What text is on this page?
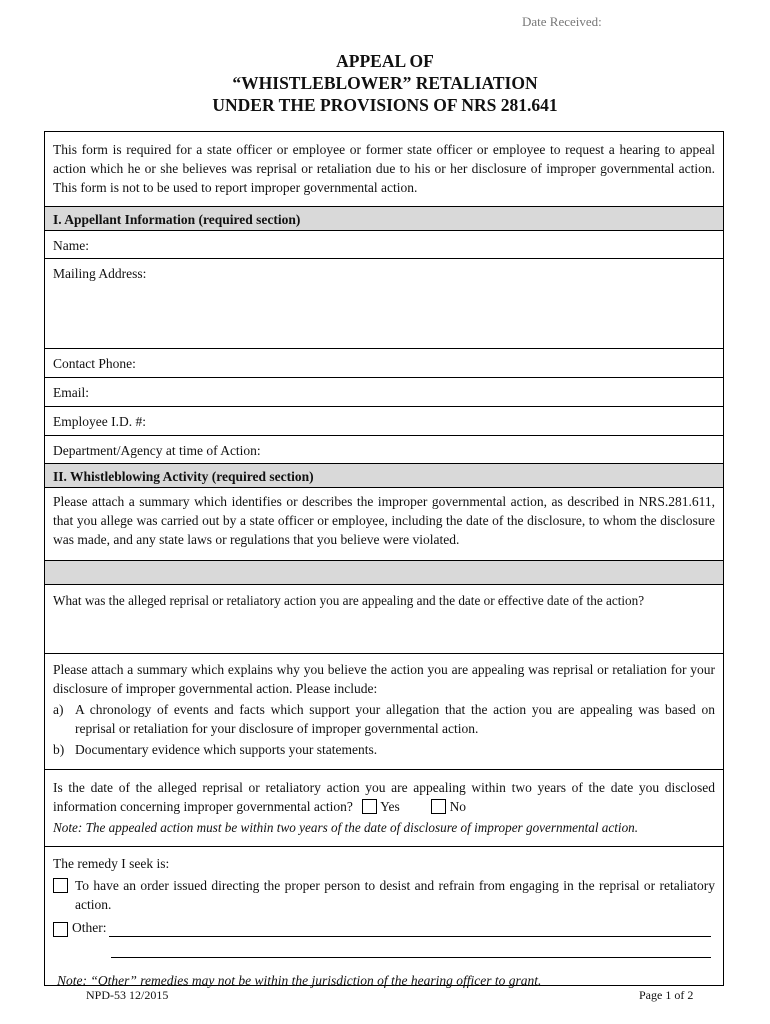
Date Received:
APPEAL OF
“WHISTLEBLOWER” RETALIATION
UNDER THE PROVISIONS OF NRS 281.641
This form is required for a state officer or employee or former state officer or employee to request a hearing to appeal action which he or she believes was reprisal or retaliation due to his or her disclosure of improper governmental action. This form is not to be used to report improper governmental action.
I. Appellant Information (required section)
Name:
Mailing Address:
Contact Phone:
Email:
Employee I.D. #:
Department/Agency at time of Action:
II. Whistleblowing Activity (required section)
Please attach a summary which identifies or describes the improper governmental action, as described in NRS.281.611, that you allege was carried out by a state officer or employee, including the date of the disclosure, to whom the disclosure was made, and any state laws or regulations that you believe were violated.
What was the alleged reprisal or retaliatory action you are appealing and the date or effective date of the action?
Please attach a summary which explains why you believe the action you are appealing was reprisal or retaliation for your disclosure of improper governmental action. Please include:
a) A chronology of events and facts which support your allegation that the action you are appealing was based on reprisal or retaliation for your disclosure of improper governmental action.
b) Documentary evidence which supports your statements.
Is the date of the alleged reprisal or retaliatory action you are appealing within two years of the date you disclosed information concerning improper governmental action? Yes	No
Note: The appealed action must be within two years of the date of disclosure of improper governmental action.
The remedy I seek is:
To have an order issued directing the proper person to desist and refrain from engaging in the reprisal or retaliatory action.
Other:
Note: “Other” remedies may not be within the jurisdiction of the hearing officer to grant.
NPD-53 12/2015	Page 1 of 2
